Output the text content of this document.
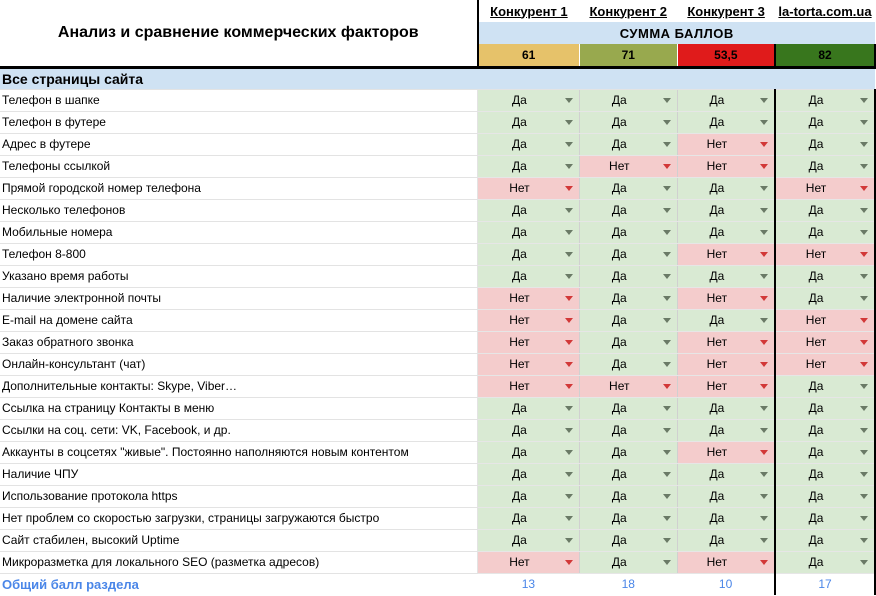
Анализ и сравнение коммерческих факторов	Конкурент 1	Конкурент 2	Конкурент 3	la-torta.com.ua
	СУММА БАЛЛОВ			
	61	71	53,5	82
Все страницы сайта				
Телефон в шапке	Да	Да	Да	Да

Телефон в футере	Да	Да	Да	Да

Адрес в футере	Да	Да	Нет	Да

Телефоны ссылкой	Да	Нет	Нет	Да

Прямой городской номер телефона	Нет	Да	Да	Нет

Несколько телефонов	Да	Да	Да	Да

Мобильные номера	Да	Да	Да	Да

Телефон 8-800	Да	Да	Нет	Нет

Указано время работы	Да	Да	Да	Да

Наличие электронной почты	Нет	Да	Нет	Да

E-mail на домене сайта	Нет	Да	Да	Нет

Заказ обратного звонка	Нет	Да	Нет	Нет

Онлайн-консультант (чат)	Нет	Да	Нет	Нет

Дополнительные контакты: Skype, Viber…	Нет	Нет	Нет	Да

Ссылка на страницу Контакты в меню	Да	Да	Да	Да

Ссылки на соц. сети: VK, Facebook, и др.	Да	Да	Да	Да

Аккаунты в соцсетях "живые". Постоянно наполняются новым контентом	Да	Да	Нет	Да

Наличие ЧПУ	Да	Да	Да	Да

Использование протокола https	Да	Да	Да	Да

Нет проблем со скоростью загрузки, страницы загружаются быстро	Да	Да	Да	Да

Сайт стабилен, высокий Uptime	Да	Да	Да	Да

Микроразметка для локального SEO (разметка адресов)	Нет	Да	Нет	Да

Общий балл раздела	13	18	10	17
